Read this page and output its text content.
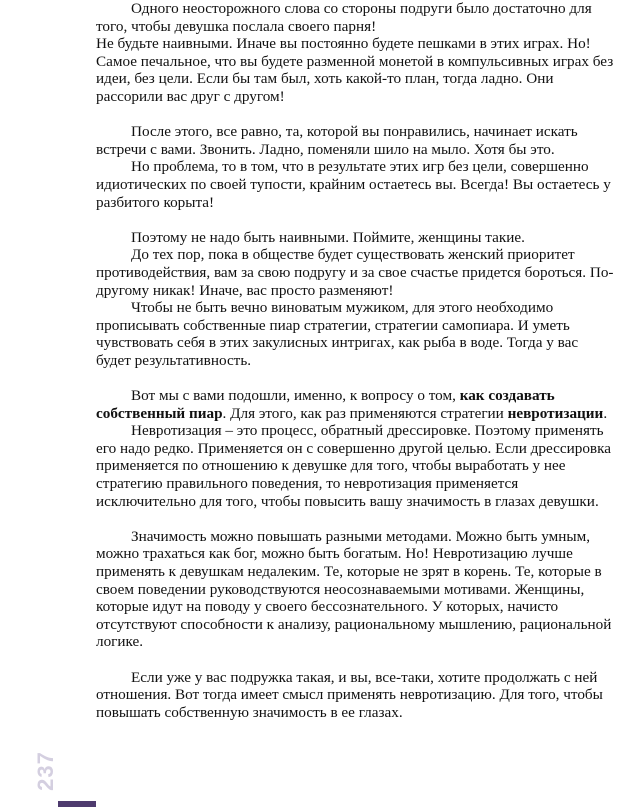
Одного неосторожного слова со стороны подруги было достаточно для того, чтобы девушка послала своего парня!

Не будьте наивными. Иначе вы постоянно будете пешками в этих играх. Но! Самое печальное, что вы будете разменной монетой в компульсивных играх без идеи, без цели. Если бы там был, хоть какой-то план, тогда ладно. Они рассорили вас друг с другом!

После этого, все равно, та, которой вы понравились, начинает искать встречи с вами. Звонить. Ладно, поменяли шило на мыло. Хотя бы это.

Но проблема, то в том, что в результате этих игр без цели, совершенно идиотических по своей тупости, крайним остаетесь вы. Всегда! Вы остаетесь у разбитого корыта!

Поэтому не надо быть наивными. Поймите, женщины такие.

До тех пор, пока в обществе будет существовать женский приоритет противодействия, вам за свою подругу и за свое счастье придется бороться. По-другому никак! Иначе, вас просто разменяют!

Чтобы не быть вечно виноватым мужиком, для этого необходимо прописывать собственные пиар стратегии, стратегии самопиара. И уметь чувствовать себя в этих закулисных интригах, как рыба в воде. Тогда у вас будет результативность.

Вот мы с вами подошли, именно, к вопросу о том, как создавать собственный пиар. Для этого, как раз применяются стратегии невротизации.

Невротизация – это процесс, обратный дрессировке. Поэтому применять его надо редко. Применяется он с совершенно другой целью. Если дрессировка применяется по отношению к девушке для того, чтобы выработать у нее стратегию правильного поведения, то невротизация применяется исключительно для того, чтобы повысить вашу значимость в глазах девушки.

Значимость можно повышать разными методами. Можно быть умным, можно трахаться как бог, можно быть богатым. Но! Невротизацию лучше применять к девушкам недалеким. Те, которые не зрят в корень. Те, которые в своем поведении руководствуются неосознаваемыми мотивами. Женщины, которые идут на поводу у своего бессознательного. У которых, начисто отсутствуют способности к анализу, рациональному мышлению, рациональной логике.

Если уже у вас подружка такая, и вы, все-таки, хотите продолжать с ней отношения. Вот тогда имеет смысл применять невротизацию. Для того, чтобы повышать собственную значимость в ее глазах.

237
